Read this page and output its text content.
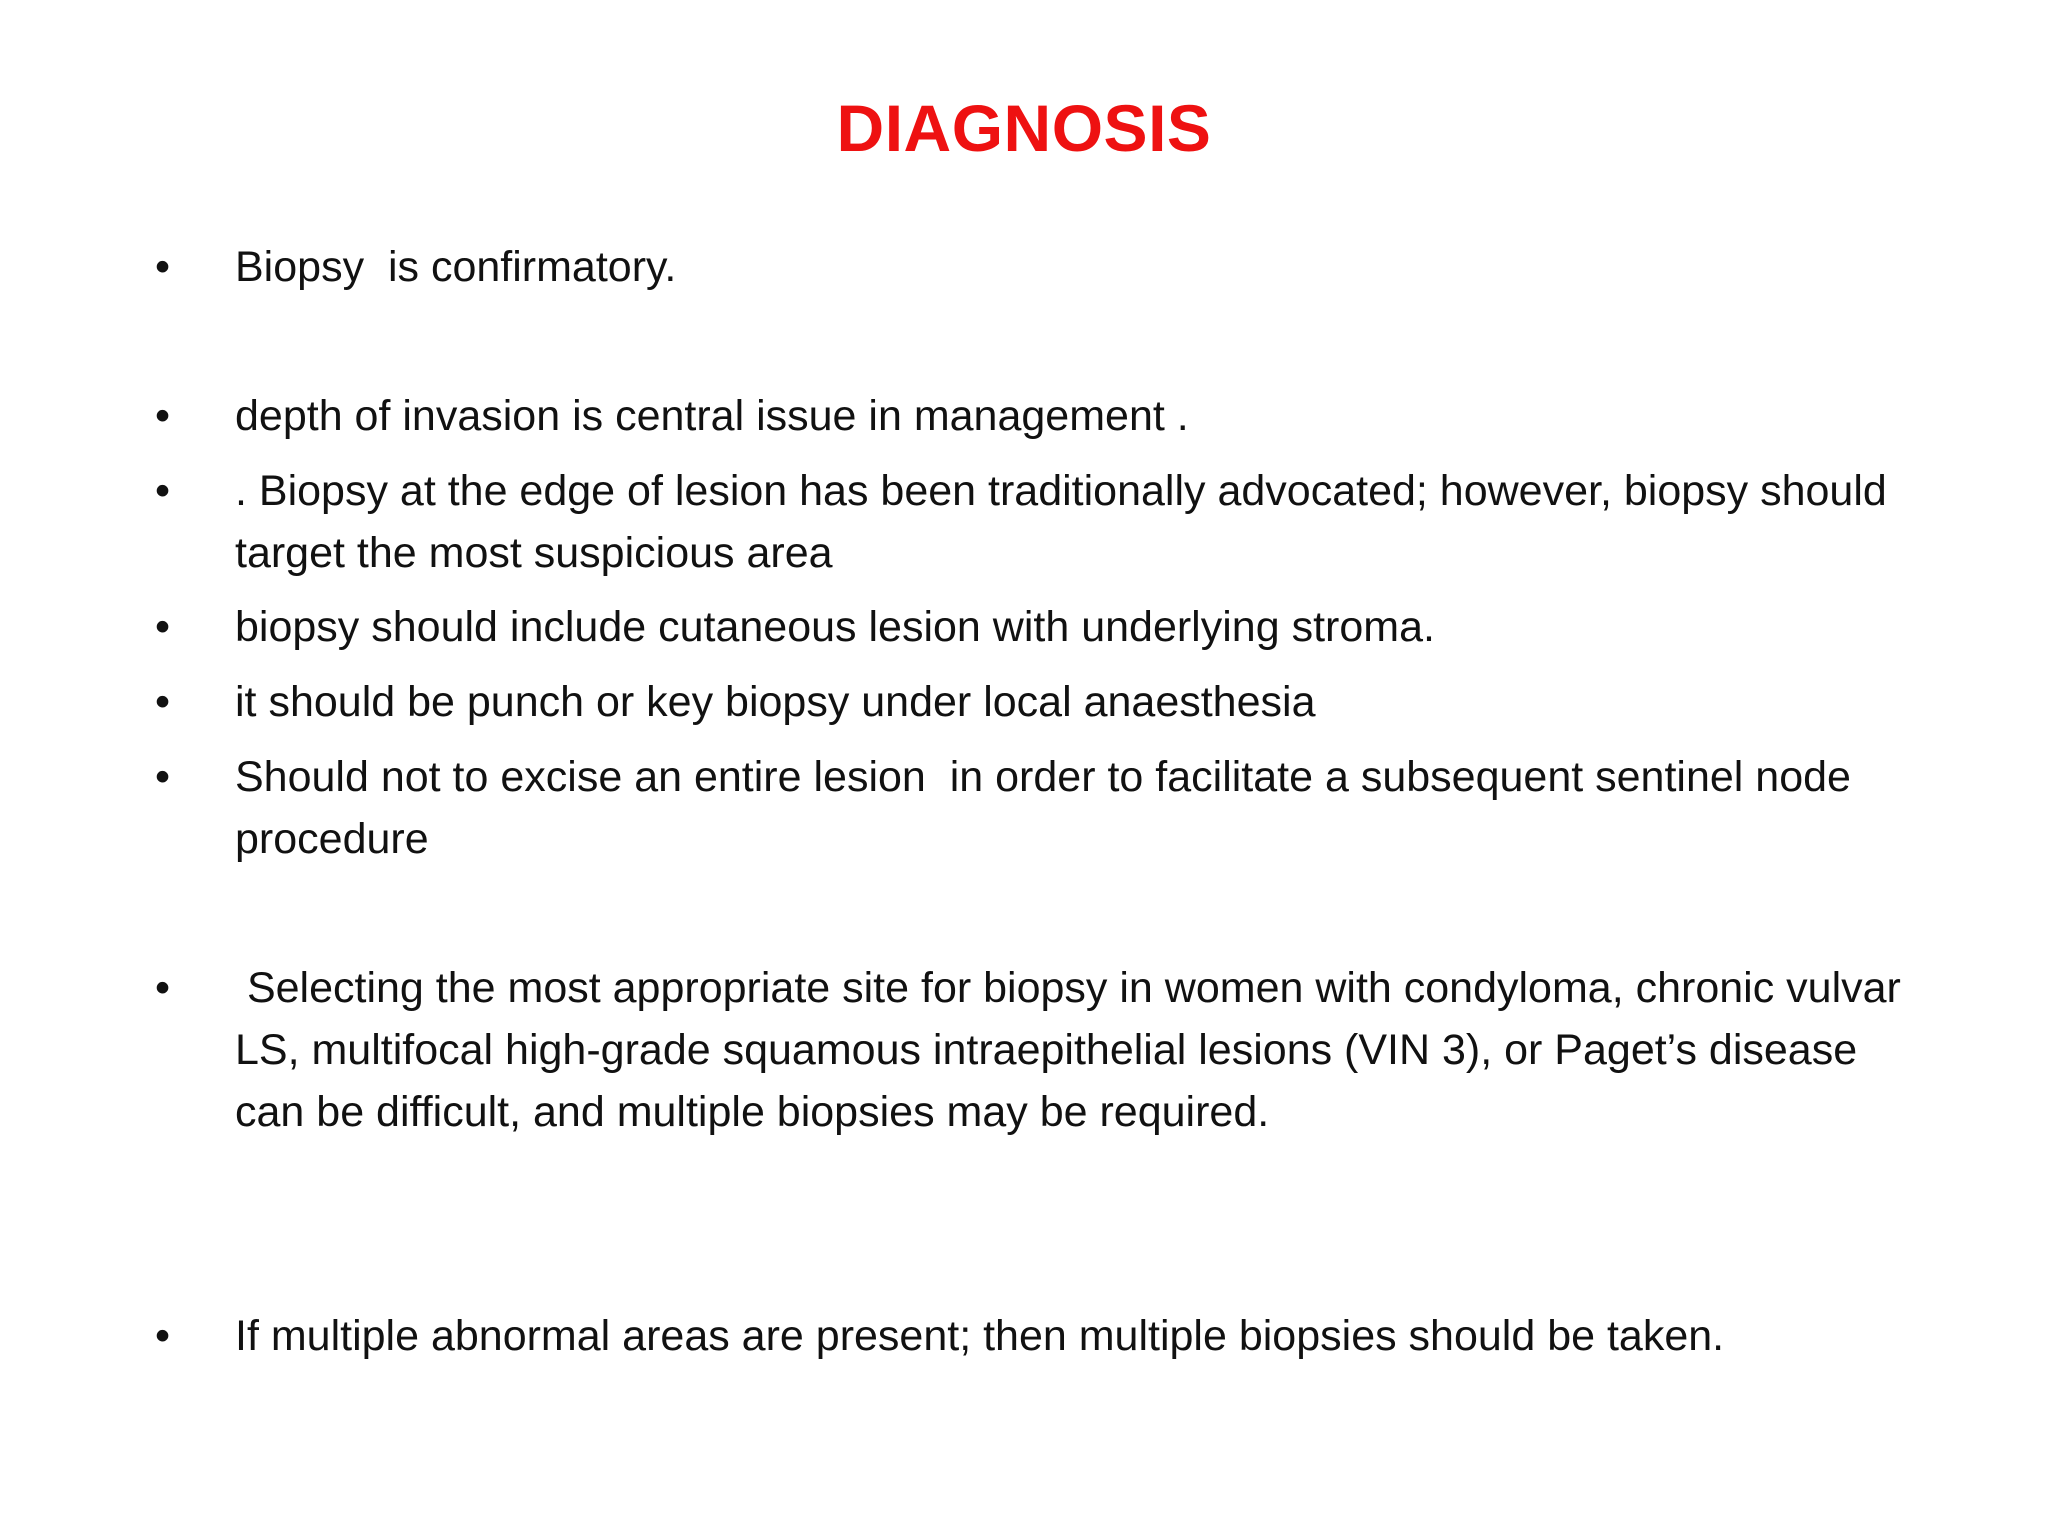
DIAGNOSIS
•	Biopsy  is confirmatory.
•	depth of invasion is central issue in management .
•	. Biopsy at the edge of lesion has been traditionally advocated; however, biopsy should target the most suspicious area
•	biopsy should include cutaneous lesion with underlying stroma.
•	it should be punch or key biopsy under local anaesthesia
•	Should not to excise an entire lesion  in order to facilitate a subsequent sentinel node procedure
•	Selecting the most appropriate site for biopsy in women with condyloma, chronic vulvar LS, multifocal high-grade squamous intraepithelial lesions (VIN 3), or Paget’s disease can be difficult, and multiple biopsies may be required.
•	If multiple abnormal areas are present; then multiple biopsies should be taken.
